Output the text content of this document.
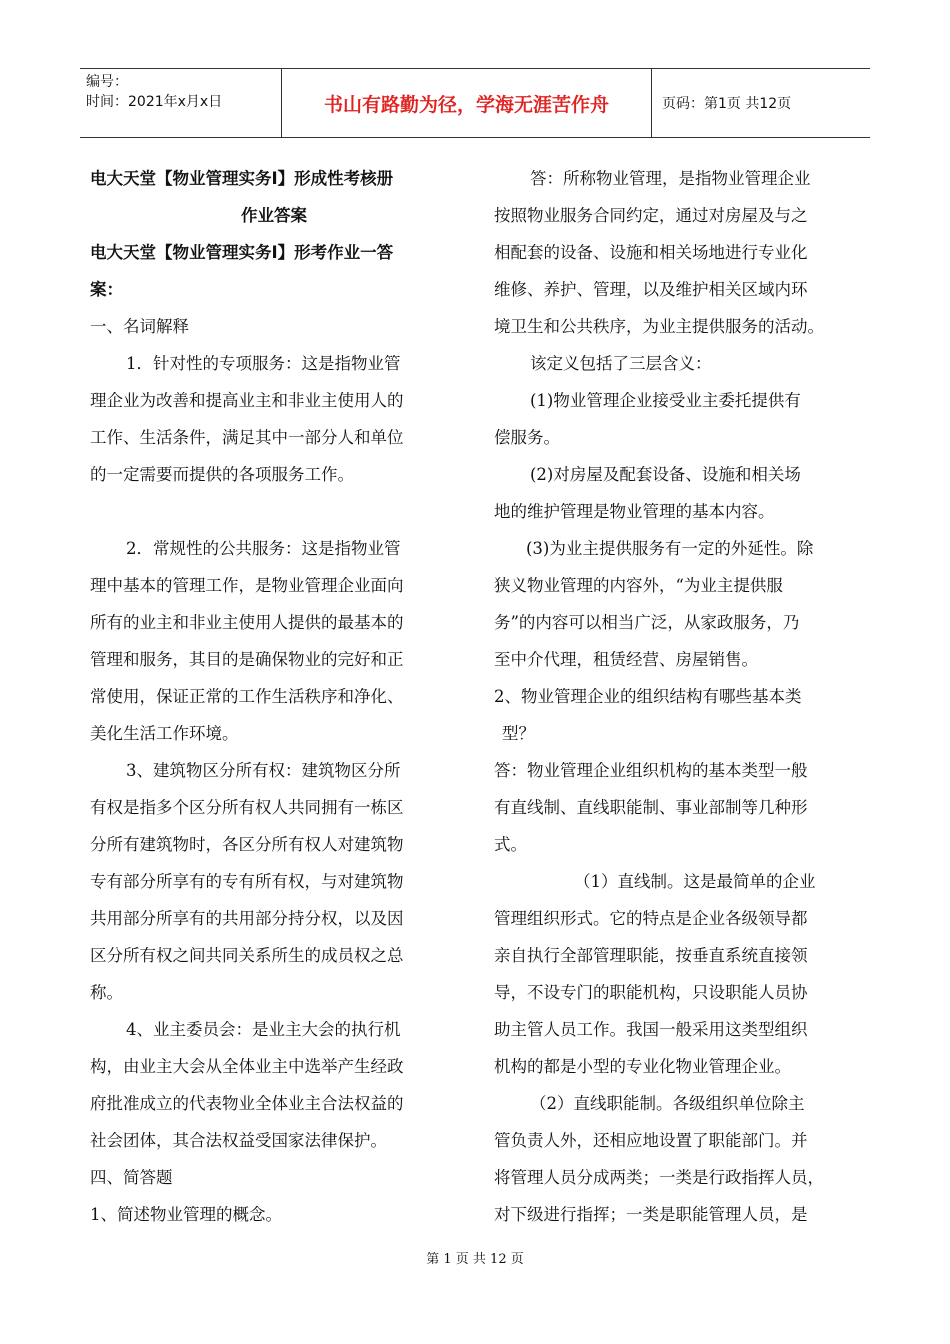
编号：
时间：2021年x月x日	书山有路勤为径，学海无涯苦作舟	页码：第1页 共12页
电大天堂【物业管理实务Ⅰ】形成性考核册
作业答案
电大天堂【物业管理实务Ⅰ】形考作业一答
案：
一、名词解释
1．针对性的专项服务：这是指物业管
理企业为改善和提高业主和非业主使用人的
工作、生活条件，满足其中一部分人和单位
的一定需要而提供的各项服务工作。
2．常规性的公共服务：这是指物业管
理中基本的管理工作，是物业管理企业面向
所有的业主和非业主使用人提供的最基本的
管理和服务，其目的是确保物业的完好和正
常使用，保证正常的工作生活秩序和净化、
美化生活工作环境。
3、建筑物区分所有权：建筑物区分所
有权是指多个区分所有权人共同拥有一栋区
分所有建筑物时，各区分所有权人对建筑物
专有部分所享有的专有所有权，与对建筑物
共用部分所享有的共用部分持分权，以及因
区分所有权之间共同关系所生的成员权之总
称。
4、业主委员会：是业主大会的执行机
构，由业主大会从全体业主中选举产生经政
府批准成立的代表物业全体业主合法权益的
社会团体，其合法权益受国家法律保护。
四、简答题
1、简述物业管理的概念。
答：所称物业管理，是指物业管理企业
按照物业服务合同约定，通过对房屋及与之
相配套的设备、设施和相关场地进行专业化
维修、养护、管理，以及维护相关区域内环
境卫生和公共秩序，为业主提供服务的活动。
该定义包括了三层含义：
(1)物业管理企业接受业主委托提供有
偿服务。
(2)对房屋及配套设备、设施和相关场
地的维护管理是物业管理的基本内容。
(3)为业主提供服务有一定的外延性。除
狭义物业管理的内容外，“为业主提供服
务”的内容可以相当广泛，从家政服务，乃
至中介代理，租赁经营、房屋销售。
2、物业管理企业的组织结构有哪些基本类
型？
答：物业管理企业组织机构的基本类型一般
有直线制、直线职能制、事业部制等几种形
式。
（1）直线制。这是最简单的企业
管理组织形式。它的特点是企业各级领导都
亲自执行全部管理职能，按垂直系统直接领
导，不设专门的职能机构，只设职能人员协
助主管人员工作。我国一般采用这类型组织
机构的都是小型的专业化物业管理企业。
（2）直线职能制。各级组织单位除主
管负责人外，还相应地设置了职能部门。并
将管理人员分成两类；一类是行政指挥人员，
对下级进行指挥；一类是职能管理人员，是
第 1 页 共 12 页
